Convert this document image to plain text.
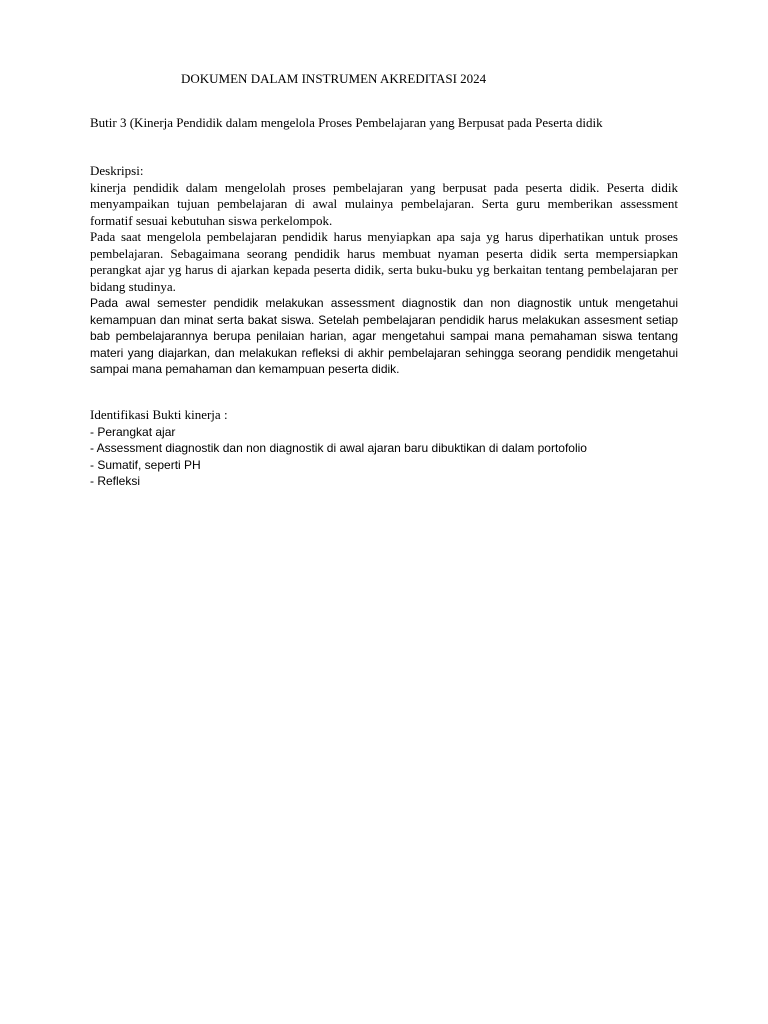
DOKUMEN DALAM INSTRUMEN AKREDITASI 2024
Butir 3 (Kinerja Pendidik dalam mengelola Proses Pembelajaran yang Berpusat pada Peserta didik
Deskripsi:

kinerja pendidik dalam mengelolah proses pembelajaran yang berpusat pada peserta didik. Peserta didik menyampaikan tujuan pembelajaran di awal mulainya pembelajaran. Serta guru memberikan assessment formatif sesuai kebutuhan siswa perkelompok.

Pada saat mengelola pembelajaran pendidik harus menyiapkan apa saja yg harus diperhatikan untuk proses pembelajaran. Sebagaimana seorang pendidik harus membuat nyaman peserta didik serta mempersiapkan perangkat ajar yg harus di ajarkan kepada peserta didik, serta buku-buku yg berkaitan tentang pembelajaran per bidang studinya.

Pada awal semester pendidik melakukan assessment diagnostik dan non diagnostik untuk mengetahui kemampuan dan minat serta bakat siswa. Setelah pembelajaran pendidik harus melakukan assesment setiap bab pembelajarannya berupa penilaian harian, agar mengetahui sampai mana pemahaman siswa tentang materi yang diajarkan, dan melakukan refleksi di akhir pembelajaran sehingga seorang pendidik mengetahui sampai mana pemahaman dan kemampuan peserta didik.

Identifikasi Bukti kinerja :
- Perangkat ajar
- Assessment diagnostik dan non diagnostik di awal ajaran baru dibuktikan di dalam portofolio
- Sumatif, seperti PH
- Refleksi
